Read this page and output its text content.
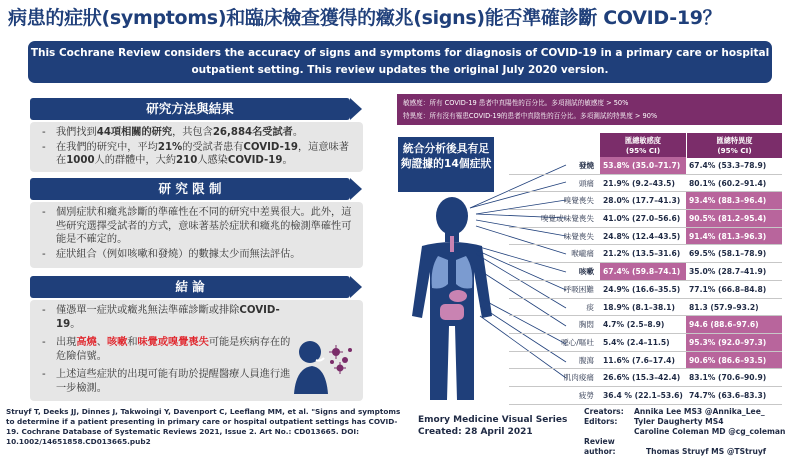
病患的症狀(symptoms)和臨床檢查獲得的癥兆(signs)能否準確診斷 COVID-19？
This Cochrane Review considers the accuracy of signs and symptoms for diagnosis of COVID-19 in a primary care or hospital
outpatient setting. This review updates the original July 2020 version.
研究方法與結果
- 我們找到44項相關的研究，共包含26,884名受試者。
- 在我們的研究中，平均21%的受試者患有COVID-19，這意味著在1000人的群體中，大約210人感染COVID-19。
研 究 限 制
- 個別症狀和癥兆診斷的準確性在不同的研究中差異很大。此外，這些研究選擇受試者的方式，意味著基於症狀和癥兆的檢測準確性可能是不確定的。
- 症狀組合（例如咳嗽和發燒）的數據太少而無法評估。
結 論
- 僅憑單一症狀或癥兆無法準確診斷或排除COVID-19。
- 出現高燒、咳嗽和味覺或嗅覺喪失可能是疾病存在的危險信號。
- 上述這些症狀的出現可能有助於提醒醫療人員進行進一步檢測。
Struyf T, Deeks JJ, Dinnes J, Takwoingi Y, Davenport C, Leeflang MM, et al. "Signs and symptoms to determine if a patient presenting in primary care or hospital outpatient settings has COVID-19. Cochrane Database of Systematic Reviews 2021, Issue 2. Art No.: CD013665. DOI: 10.1002/14651858.CD013665.pub2
敏感度：所有 COVID-19 患者中真陽性的百分比。多項測試的敏感度 > 50%
特異度：所有沒有罹患COVID-19的患者中真陰性的百分比。多項測試的特異度 > 90%
統合分析後具有足夠證據的14個症狀
匯總敏感度
(95% CI)
匯總特異度
(95% CI)
發燒	53.8% (35.0–71.7)	67.4% (53.3–78.9)
頭痛	21.9% (9.2–43.5)	80.1% (60.2–91.4)
嗅覺喪失	28.0% (17.7–41.3)	93.4% (88.3–96.4)
嗅覺或味覺喪失	41.0% (27.0–56.6)	90.5% (81.2–95.4)
味覺喪失	24.8% (12.4–43.5)	91.4% (81.3–96.3)
喉嚨痛	21.2% (13.5–31.6)	69.5% (58.1–78.9)
咳嗽	67.4% (59.8–74.1)	35.0% (28.7–41.9)
呼吸困難	24.9% (16.6–35.5)	77.1% (66.8–84.8)
痰	18.9% (8.1–38.1)	81.3 (57.9–93.2)
胸悶	4.7% (2.5–8.9)	94.6 (88.6–97.6)
噁心/嘔吐	5.4% (2.4–11.5)	95.3% (92.0–97.3)
腹瀉	11.6% (7.6–17.4)	90.6% (86.6–93.5)
肌肉痠痛	26.6% (15.3–42.4)	83.1% (70.6–90.9)
疲勞	36.4 % (22.1–53.6) 74.7% (63.6–83.3)
Emory Medicine Visual Series
Created: 28 April 2021
Creators: Annika Lee MS3 @Annika_Lee_
Editors: Tyler Daugherty MS4
Caroline Coleman MD @cg_coleman
Review author:	Thomas Struyf MS @TStruyf
